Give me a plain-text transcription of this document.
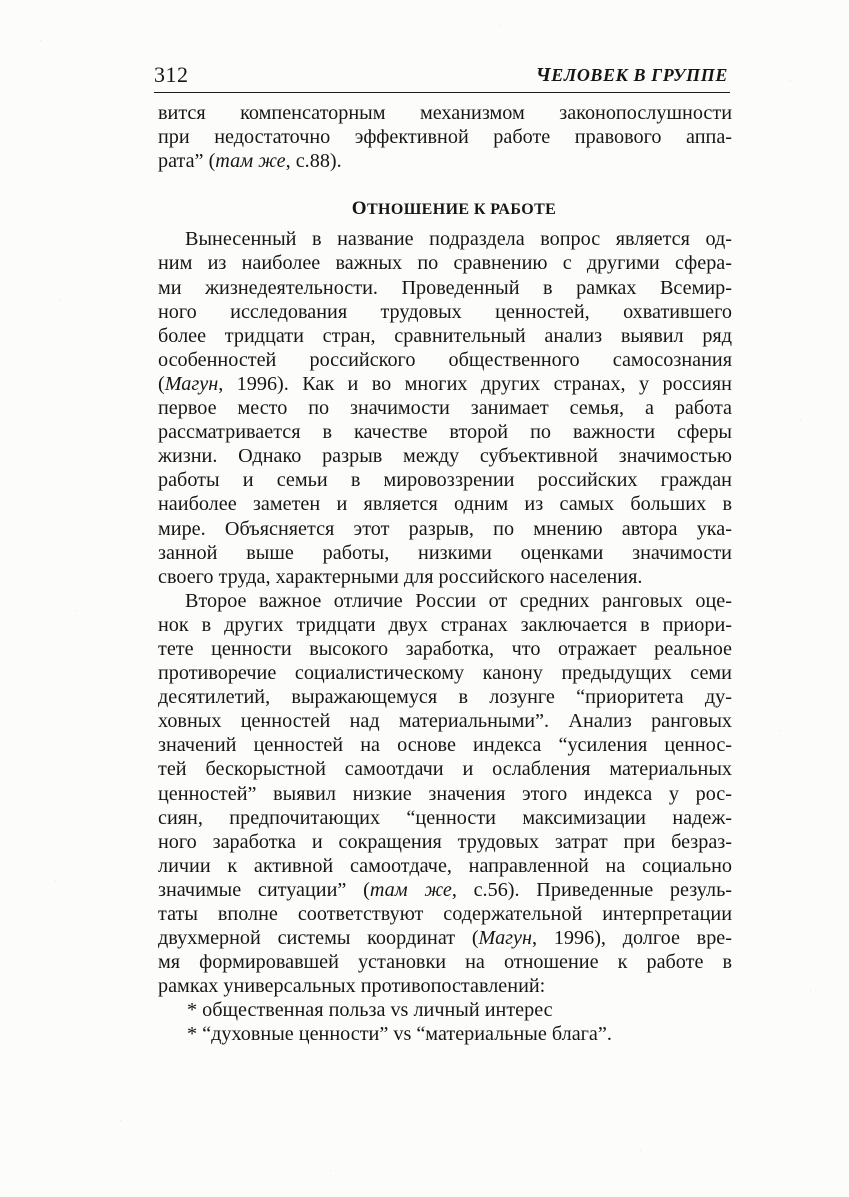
312	ЧЕЛОВЕК В ГРУППЕ
вится компенсаторным механизмом законопослушности
при недостаточно эффективной работе правового аппа-
рата” (там же, с.88).
ОТНОШЕНИЕ К РАБОТЕ
Вынесенный в название подраздела вопрос является од-
ним из наиболее важных по сравнению с другими сфера-
ми жизнедеятельности. Проведенный в рамках Всемир-
ного исследования трудовых ценностей, охватившего
более тридцати стран, сравнительный анализ выявил ряд
особенностей российского общественного самосознания
(Магун, 1996). Как и во многих других странах, у россиян
первое место по значимости занимает семья, а работа
рассматривается в качестве второй по важности сферы
жизни. Однако разрыв между субъективной значимостью
работы и семьи в мировоззрении российских граждан
наиболее заметен и является одним из самых больших в
мире. Объясняется этот разрыв, по мнению автора ука-
занной выше работы, низкими оценками значимости
своего труда, характерными для российского населения.
Второе важное отличие России от средних ранговых оце-
нок в других тридцати двух странах заключается в приори-
тете ценности высокого заработка, что отражает реальное
противоречие социалистическому канону предыдущих семи
десятилетий, выражающемуся в лозунге “приоритета ду-
ховных ценностей над материальными”. Анализ ранговых
значений ценностей на основе индекса “усиления ценнос-
тей бескорыстной самоотдачи и ослабления материальных
ценностей” выявил низкие значения этого индекса у рос-
сиян, предпочитающих “ценности максимизации надеж-
ного заработка и сокращения трудовых затрат при безраз-
личии к активной самоотдаче, направленной на социально
значимые ситуации” (там же, с.56). Приведенные резуль-
таты вполне соответствуют содержательной интерпретации
двухмерной системы координат (Магун, 1996), долгое вре-
мя формировавшей установки на отношение к работе в
рамках универсальных противопоставлений:
* общественная польза vs личный интерес
* “духовные ценности” vs “материальные блага”.
